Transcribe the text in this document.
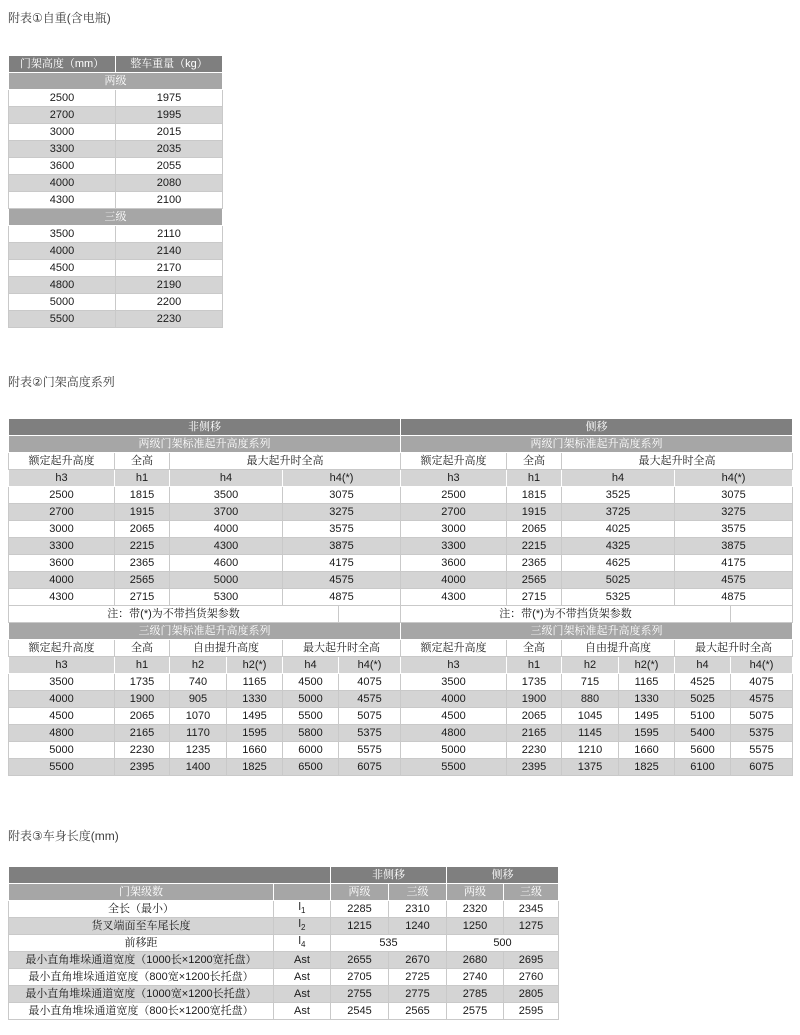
附表①自重(含电瓶)
门架高度（mm）	整车重量（kg）
两级	
2500	1975
2700	1995
3000	2015
3300	2035
3600	2055
4000	2080
4300	2100
三级	
3500	2110
4000	2140
4500	2170
4800	2190
5000	2200
5500	2230
附表②门架高度系列
非侧移						侧移					
两级门架标准起升高度系列						两级门架标准起升高度系列					
额定起升高度	全高	最大起升时全高				额定起升高度	全高	最大起升时全高			
h3	h1	h4		h4(*)		h3	h1	h4		h4(*)	
2500	1815	3500		3075		2500	1815	3525		3075	
2700	1915	3700		3275		2700	1915	3725		3275	
3000	2065	4000		3575		3000	2065	4025		3575	
3300	2215	4300		3875		3300	2215	4325		3875	
3600	2365	4600		4175		3600	2365	4625		4175	
4000	2565	5000		4575		4000	2565	5025		4575	
4300	2715	5300		4875		4300	2715	5325		4875	
注：带(*)为不带挡货架参数						注：带(*)为不带挡货架参数					
三级门架标准起升高度系列						三级门架标准起升高度系列					
额定起升高度	全高	自由提升高度		最大起升时全高		额定起升高度	全高	自由提升高度		最大起升时全高	
h3	h1	h2	h2(*)	h4	h4(*)	h3	h1	h2	h2(*)	h4	h4(*)
3500	1735	740	1165	4500	4075	3500	1735	715	1165	4525	4075
4000	1900	905	1330	5000	4575	4000	1900	880	1330	5025	4575
4500	2065	1070	1495	5500	5075	4500	2065	1045	1495	5100	5075
4800	2165	1170	1595	5800	5375	4800	2165	1145	1595	5400	5375
5000	2230	1235	1660	6000	5575	5000	2230	1210	1660	5600	5575
5500	2395	1400	1825	6500	6075	5500	2395	1375	1825	6100	6075
附表③车身长度(mm)
		非侧移		侧移	
门架级数		两级	三级	两级	三级
全长（最小）	$l_1$	2285	2310	2320	2345
货叉端面至车尾长度	$l_2$	1215	1240	1250	1275
前移距	$l_4$	535		500	
最小直角堆垛通道宽度（1000长×1200宽托盘）	Ast	2655	2670	2680	2695
最小直角堆垛通道宽度（800宽×1200长托盘）	Ast	2705	2725	2740	2760
最小直角堆垛通道宽度（1000宽×1200长托盘）	Ast	2755	2775	2785	2805
最小直角堆垛通道宽度（800长×1200宽托盘）	Ast	2545	2565	2575	2595
